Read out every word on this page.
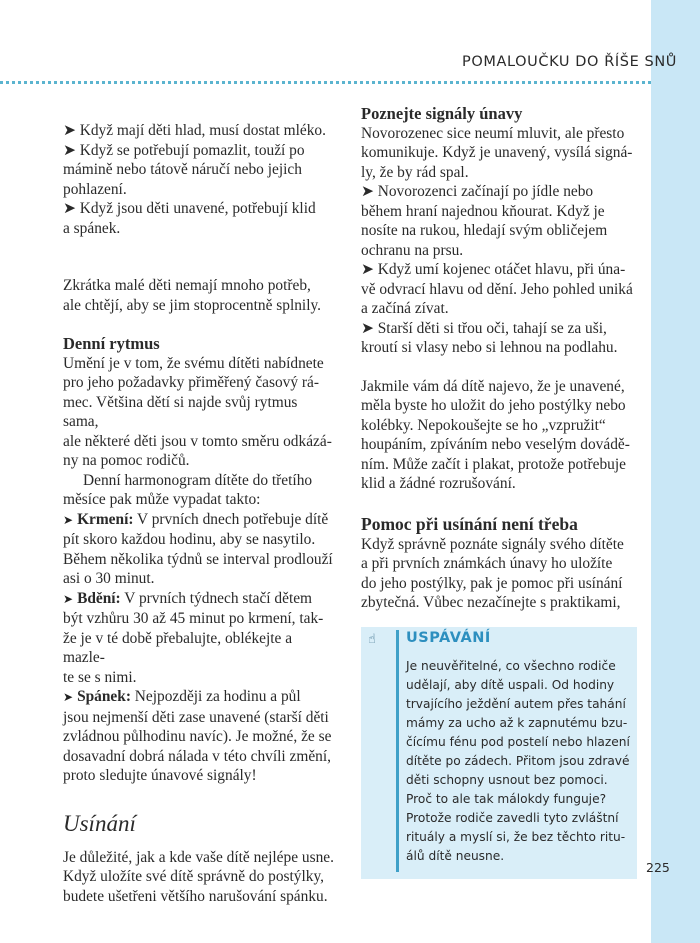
POMALOUČKU DO ŘÍŠE SNŮ

➤ Když mají děti hlad, musí dostat mléko.
➤ Když se potřebují pomazlit, touží po
mámině nebo tátově náručí nebo jejich
pohlazení.
➤ Když jsou děti unavené, potřebují klid
a spánek.

Zkrátka malé děti nemají mnoho potřeb,
ale chtějí, aby se jim stoprocentně splnily.

Denní rytmus

Umění je v tom, že svému dítěti nabídnete
pro jeho požadavky přiměřený časový rá-
mec. Většina dětí si najde svůj rytmus sama,
ale některé děti jsou v tomto směru odkázá-
ny na pomoc rodičů.

Denní harmonogram dítěte do třetího
měsíce pak může vypadat takto:

➤ Krmení: V prvních dnech potřebuje dítě
pít skoro každou hodinu, aby se nasytilo.
Během několika týdnů se interval prodlouží
asi o 30 minut.

➤ Bdění: V prvních týdnech stačí dětem
být vzhůru 30 až 45 minut po krmení, tak-
že je v té době přebalujte, oblékejte a mazle-
te se s nimi.

➤ Spánek: Nejpozději za hodinu a půl
jsou nejmenší děti zase unavené (starší děti
zvládnou půlhodinu navíc). Je možné, že se
dosavadní dobrá nálada v této chvíli změní,
proto sledujte únavové signály!

Usínání

Je důležité, jak a kde vaše dítě nejlépe usne.
Když uložíte své dítě správně do postýlky,
budete ušetřeni většího narušování spánku.

Poznejte signály únavy

Novorozenec sice neumí mluvit, ale přesto
komunikuje. Když je unavený, vysílá signá-
ly, že by rád spal.
➤ Novorozenci začínají po jídle nebo
během hraní najednou kňourat. Když je
nosíte na rukou, hledají svým obličejem
ochranu na prsu.
➤ Když umí kojenec otáčet hlavu, při úna-
vě odvrací hlavu od dění. Jeho pohled uniká
a začíná zívat.
➤ Starší děti si třou oči, tahají se za uši,
kroutí si vlasy nebo si lehnou na podlahu.

Jakmile vám dá dítě najevo, že je unavené,
měla byste ho uložit do jeho postýlky nebo
kolébky. Nepokoušejte se ho „vzpružit“
houpáním, zpíváním nebo veselým dovádě-
ním. Může začít i plakat, protože potřebuje
klid a žádné rozrušování.

Pomoc při usínání není třeba

Když správně poznáte signály svého dítěte
a při prvních známkách únavy ho uložíte
do jeho postýlky, pak je pomoc při usínání
zbytečná. Vůbec nezačínejte s praktikami,

☝	USPÁVÁNÍ
Je neuvěřitelné, co všechno rodiče
udělají, aby dítě uspali. Od hodiny
trvajícího ježdění autem přes tahání
mámy za ucho až k zapnutému bzu-
čícímu fénu pod postelí nebo hlazení
dítěte po zádech. Přitom jsou zdravé
děti schopny usnout bez pomoci.
Proč to ale tak málokdy funguje?
Protože rodiče zavedli tyto zvláštní
rituály a myslí si, že bez těchto ritu-
álů dítě neusne.
225
